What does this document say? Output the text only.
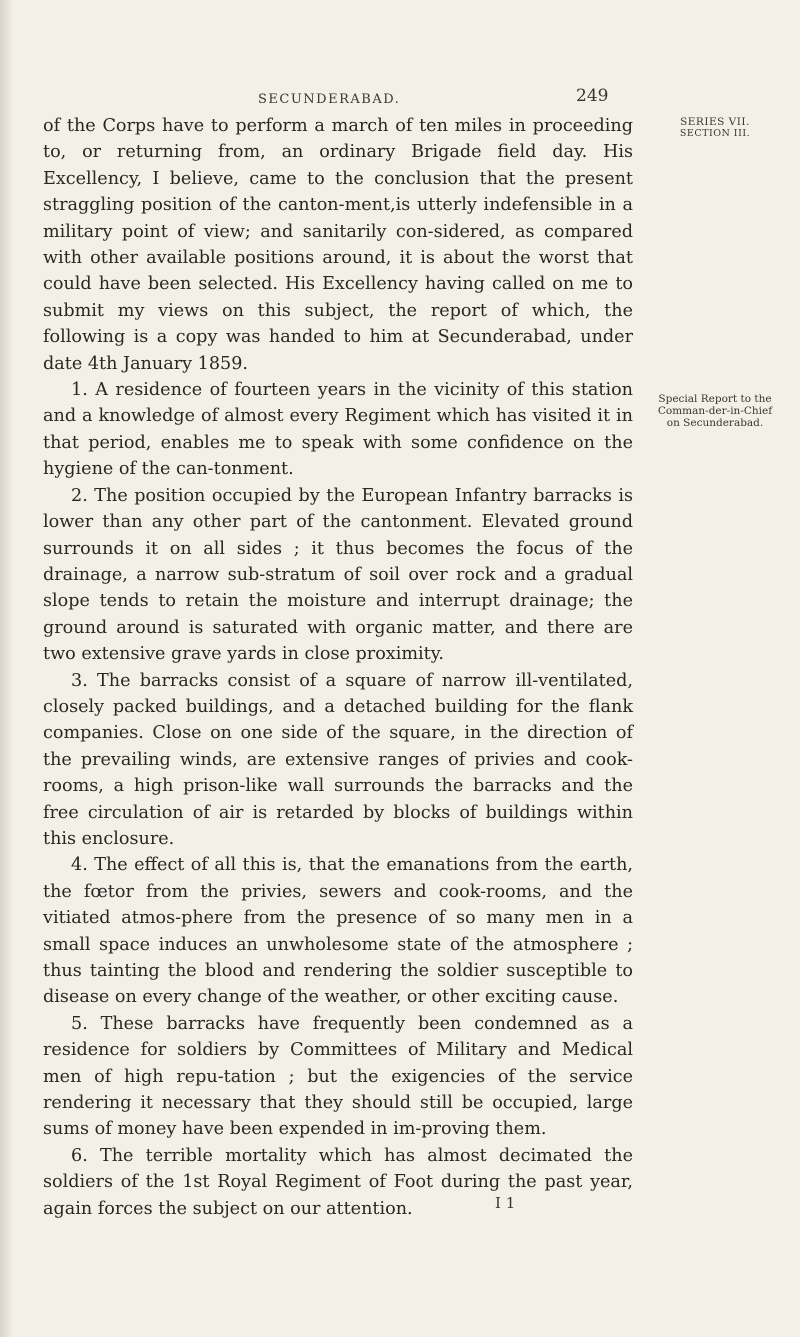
SECUNDERABAD.	249
SERIES VII.
SECTION III.
Special Report to the Comman-der-in-Chief on Secunderabad.

of the Corps have to perform a march of ten miles in proceeding to, or returning from, an ordinary Brigade field day. His Excellency, I believe, came to the conclusion that the present straggling position of the canton-ment,is utterly indefensible in a military point of view; and sanitarily con-sidered, as compared with other available positions around, it is about the worst that could have been selected. His Excellency having called on me to submit my views on this subject, the report of which, the following is a copy was handed to him at Secunderabad, under date 4th January 1859.

1. A residence of fourteen years in the vicinity of this station and a knowledge of almost every Regiment which has visited it in that period, enables me to speak with some confidence on the hygiene of the can-tonment.

2. The position occupied by the European Infantry barracks is lower than any other part of the cantonment. Elevated ground surrounds it on all sides ; it thus becomes the focus of the drainage, a narrow sub-stratum of soil over rock and a gradual slope tends to retain the moisture and interrupt drainage; the ground around is saturated with organic matter, and there are two extensive grave yards in close proximity.

3. The barracks consist of a square of narrow ill-ventilated, closely packed buildings, and a detached building for the flank companies. Close on one side of the square, in the direction of the prevailing winds, are extensive ranges of privies and cook-rooms, a high prison-like wall surrounds the barracks and the free circulation of air is retarded by blocks of buildings within this enclosure.

4. The effect of all this is, that the emanations from the earth, the fœtor from the privies, sewers and cook-rooms, and the vitiated atmos-phere from the presence of so many men in a small space induces an unwholesome state of the atmosphere ; thus tainting the blood and rendering the soldier susceptible to disease on every change of the weather, or other exciting cause.

5. These barracks have frequently been condemned as a residence for soldiers by Committees of Military and Medical men of high repu-tation ; but the exigencies of the service rendering it necessary that they should still be occupied, large sums of money have been expended in im-proving them.

6. The terrible mortality which has almost decimated the soldiers of the 1st Royal Regiment of Foot during the past year, again forces the subject on our attention.	I 1
